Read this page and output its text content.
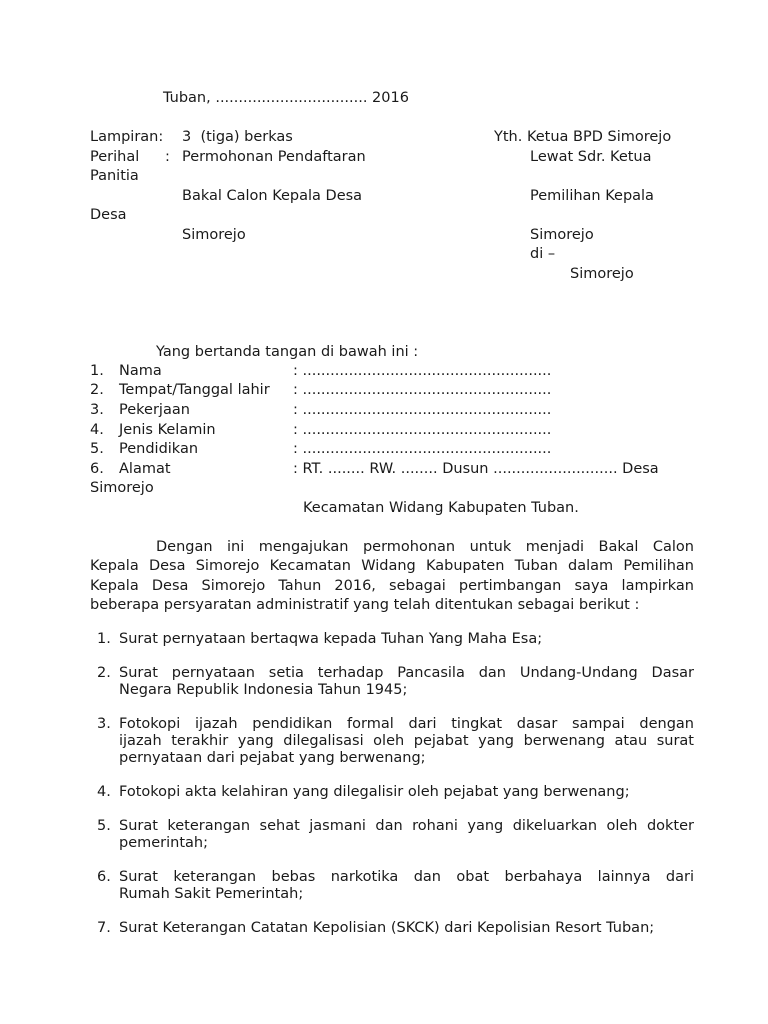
Tuban, ................................. 2016
Lampiran: 3  (tiga) berkas
Perihal : Permohonan Pendaftaran
Panitia
Bakal Calon Kepala Desa
Desa
Simorejo
Yth. Ketua BPD Simorejo
Lewat Sdr. Ketua
Pemilihan Kepala
Simorejo
di –
Simorejo
Yang bertanda tangan di bawah ini :
1. Nama	: ......................................................
2. Tempat/Tanggal lahir : ......................................................
3. Pekerjaan	: ......................................................
4. Jenis Kelamin	: ......................................................
5. Pendidikan	: ......................................................
6. Alamat	: RT. ........ RW. ........ Dusun ........................... Desa
Simorejo
Kecamatan Widang Kabupaten Tuban.
Dengan ini mengajukan permohonan untuk menjadi Bakal Calon
Kepala Desa Simorejo Kecamatan Widang Kabupaten Tuban dalam Pemilihan
Kepala Desa Simorejo Tahun 2016, sebagai pertimbangan saya lampirkan
beberapa persyaratan administratif yang telah ditentukan sebagai berikut :
1. Surat pernyataan bertaqwa kepada Tuhan Yang Maha Esa;
2. Surat pernyataan setia terhadap Pancasila dan Undang-Undang Dasar
Negara Republik Indonesia Tahun 1945;
3. Fotokopi ijazah pendidikan formal dari tingkat dasar sampai dengan
ijazah terakhir yang dilegalisasi oleh pejabat yang berwenang atau surat
pernyataan dari pejabat yang berwenang;
4. Fotokopi akta kelahiran yang dilegalisir oleh pejabat yang berwenang;
5. Surat keterangan sehat jasmani dan rohani yang dikeluarkan oleh dokter
pemerintah;
6. Surat keterangan bebas narkotika dan obat berbahaya lainnya dari
Rumah Sakit Pemerintah;
7. Surat Keterangan Catatan Kepolisian (SKCK) dari Kepolisian Resort Tuban;
